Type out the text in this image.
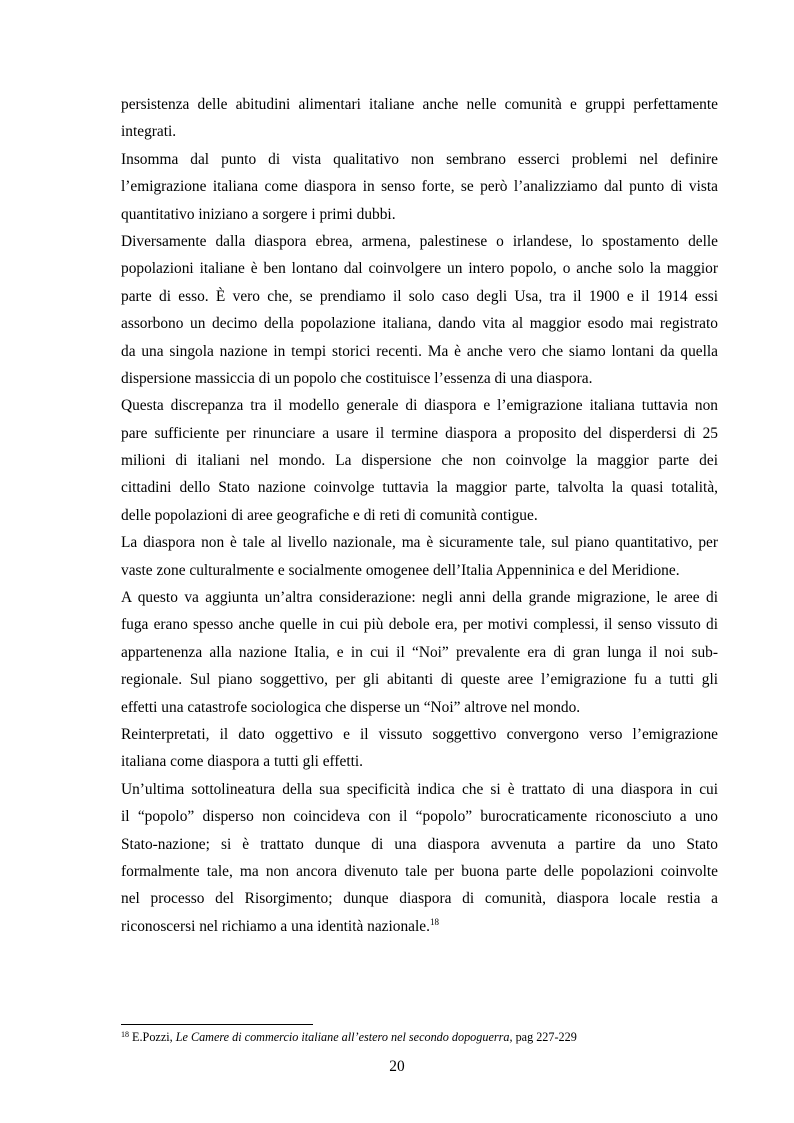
persistenza delle abitudini alimentari italiane anche nelle comunità e gruppi perfettamente
integrati.
Insomma dal punto di vista qualitativo non sembrano esserci problemi nel definire
l’emigrazione italiana come diaspora in senso forte, se però l’analizziamo dal punto di vista
quantitativo iniziano a sorgere i primi dubbi.
Diversamente dalla diaspora ebrea, armena, palestinese o irlandese, lo spostamento delle
popolazioni italiane è ben lontano dal coinvolgere un intero popolo, o anche solo la maggior
parte di esso. È vero che, se prendiamo il solo caso degli Usa, tra il 1900 e il 1914 essi
assorbono un decimo della popolazione italiana, dando vita al maggior esodo mai registrato
da una singola nazione in tempi storici recenti. Ma è anche vero che siamo lontani da quella
dispersione massiccia di un popolo che costituisce l’essenza di una diaspora.
Questa discrepanza tra il modello generale di diaspora e l’emigrazione italiana tuttavia non
pare sufficiente per rinunciare a usare il termine diaspora a proposito del disperdersi di 25
milioni di italiani nel mondo. La dispersione che non coinvolge la maggior parte dei
cittadini dello Stato nazione coinvolge tuttavia la maggior parte, talvolta la quasi totalità,
delle popolazioni di aree geografiche e di reti di comunità contigue.
La diaspora non è tale al livello nazionale, ma è sicuramente tale, sul piano quantitativo, per
vaste zone culturalmente e socialmente omogenee dell’Italia Appenninica e del Meridione.
A questo va aggiunta un’altra considerazione: negli anni della grande migrazione, le aree di
fuga erano spesso anche quelle in cui più debole era, per motivi complessi, il senso vissuto di
appartenenza alla nazione Italia, e in cui il “Noi” prevalente era di gran lunga il noi sub-
regionale. Sul piano soggettivo, per gli abitanti di queste aree l’emigrazione fu a tutti gli
effetti una catastrofe sociologica che disperse un “Noi” altrove nel mondo.
Reinterpretati, il dato oggettivo e il vissuto soggettivo convergono verso l’emigrazione
italiana come diaspora a tutti gli effetti.
Un’ultima sottolineatura della sua specificità indica che si è trattato di una diaspora in cui
il “popolo” disperso non coincideva con il “popolo” burocraticamente riconosciuto a uno
Stato-nazione; si è trattato dunque di una diaspora avvenuta a partire da uno Stato
formalmente tale, ma non ancora divenuto tale per buona parte delle popolazioni coinvolte
nel processo del Risorgimento; dunque diaspora di comunità, diaspora locale restia a
riconoscersi nel richiamo a una identità nazionale.$^{18}$
$^{18}$ E.Pozzi, Le Camere di commercio italiane all’estero nel secondo dopoguerra, pag 227-229
20
